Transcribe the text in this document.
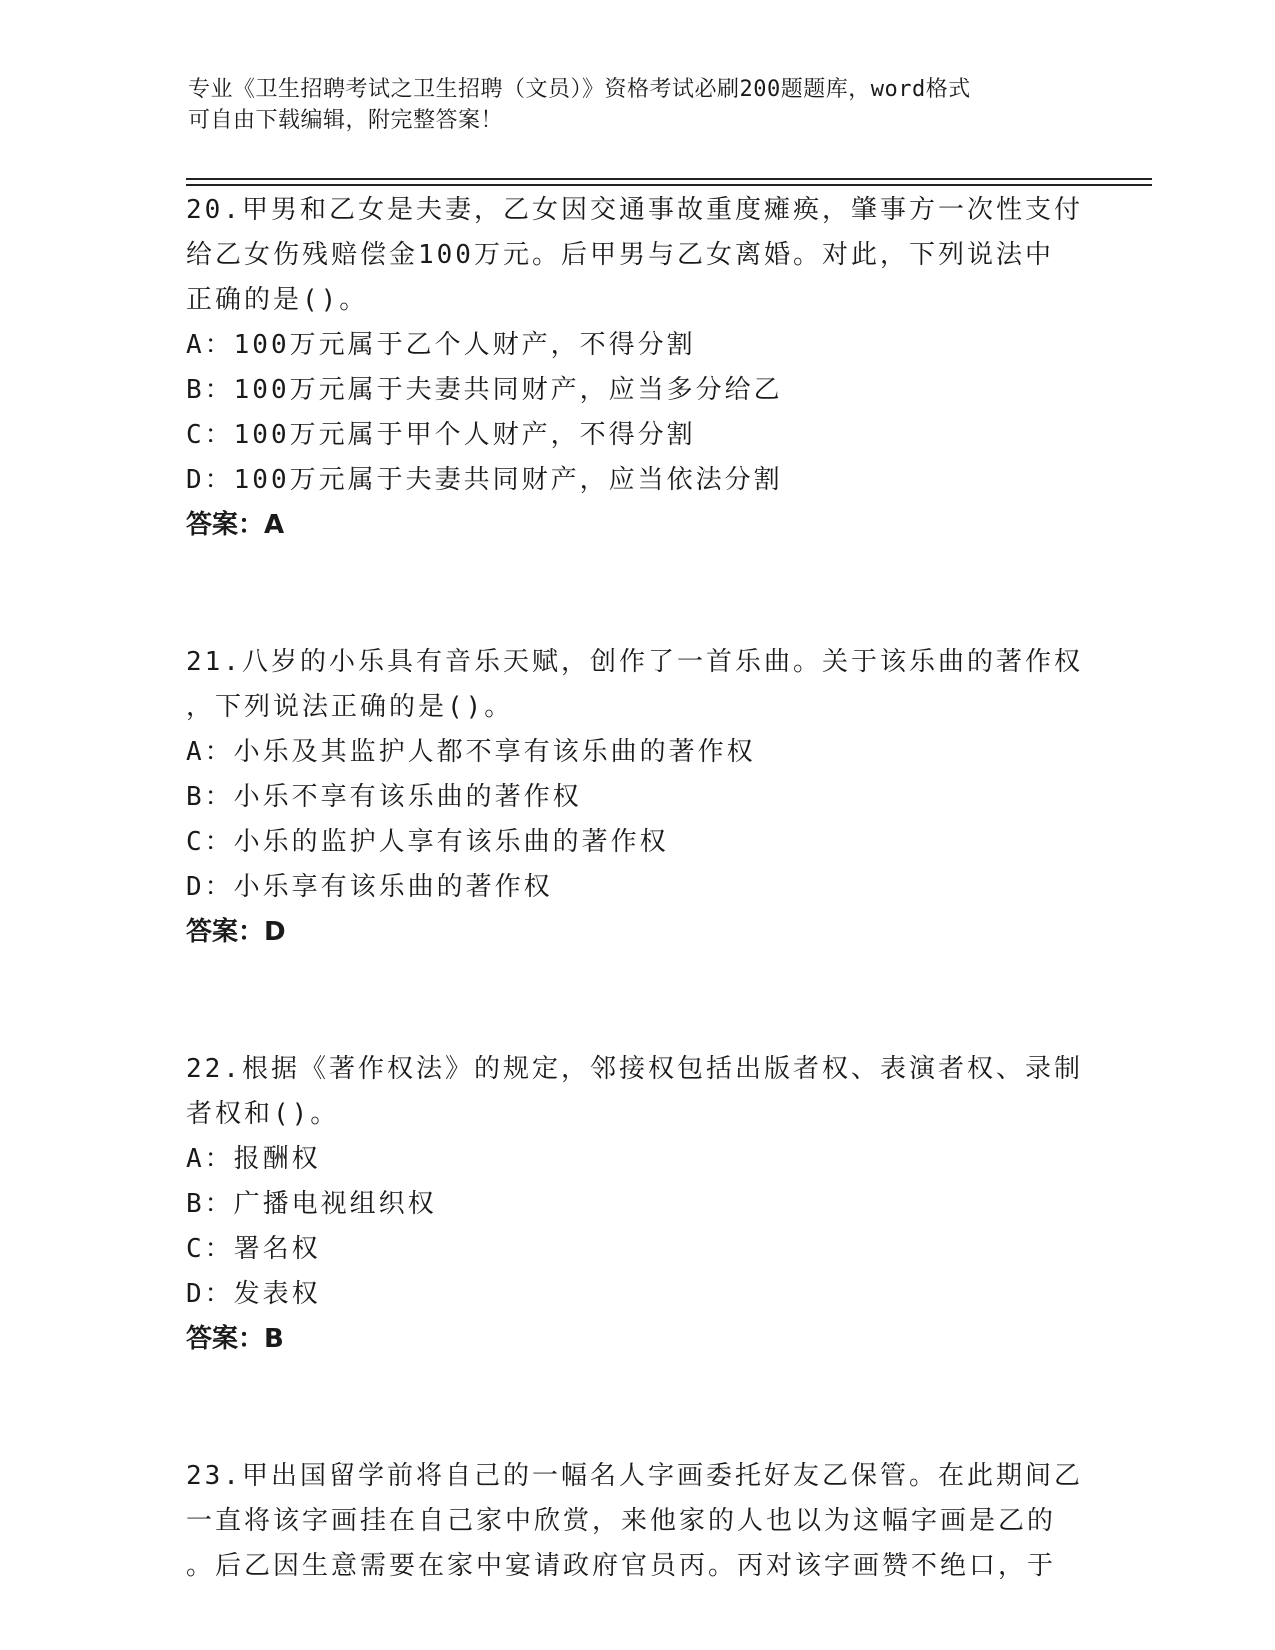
专业《卫生招聘考试之卫生招聘（文员）》资格考试必刷200题题库，word格式
可自由下载编辑，附完整答案！
20.甲男和乙女是夫妻，乙女因交通事故重度瘫痪，肇事方一次性支付
给乙女伤残赔偿金100万元。后甲男与乙女离婚。对此，下列说法中
正确的是()。
A：100万元属于乙个人财产，不得分割
B：100万元属于夫妻共同财产，应当多分给乙
C：100万元属于甲个人财产，不得分割
D：100万元属于夫妻共同财产，应当依法分割
答案：A
21.八岁的小乐具有音乐天赋，创作了一首乐曲。关于该乐曲的著作权
，下列说法正确的是()。
A：小乐及其监护人都不享有该乐曲的著作权
B：小乐不享有该乐曲的著作权
C：小乐的监护人享有该乐曲的著作权
D：小乐享有该乐曲的著作权
答案：D
22.根据《著作权法》的规定，邻接权包括出版者权、表演者权、录制
者权和()。
A：报酬权
B：广播电视组织权
C：署名权
D：发表权
答案：B
23.甲出国留学前将自己的一幅名人字画委托好友乙保管。在此期间乙
一直将该字画挂在自己家中欣赏，来他家的人也以为这幅字画是乙的
。后乙因生意需要在家中宴请政府官员丙。丙对该字画赞不绝口，于
